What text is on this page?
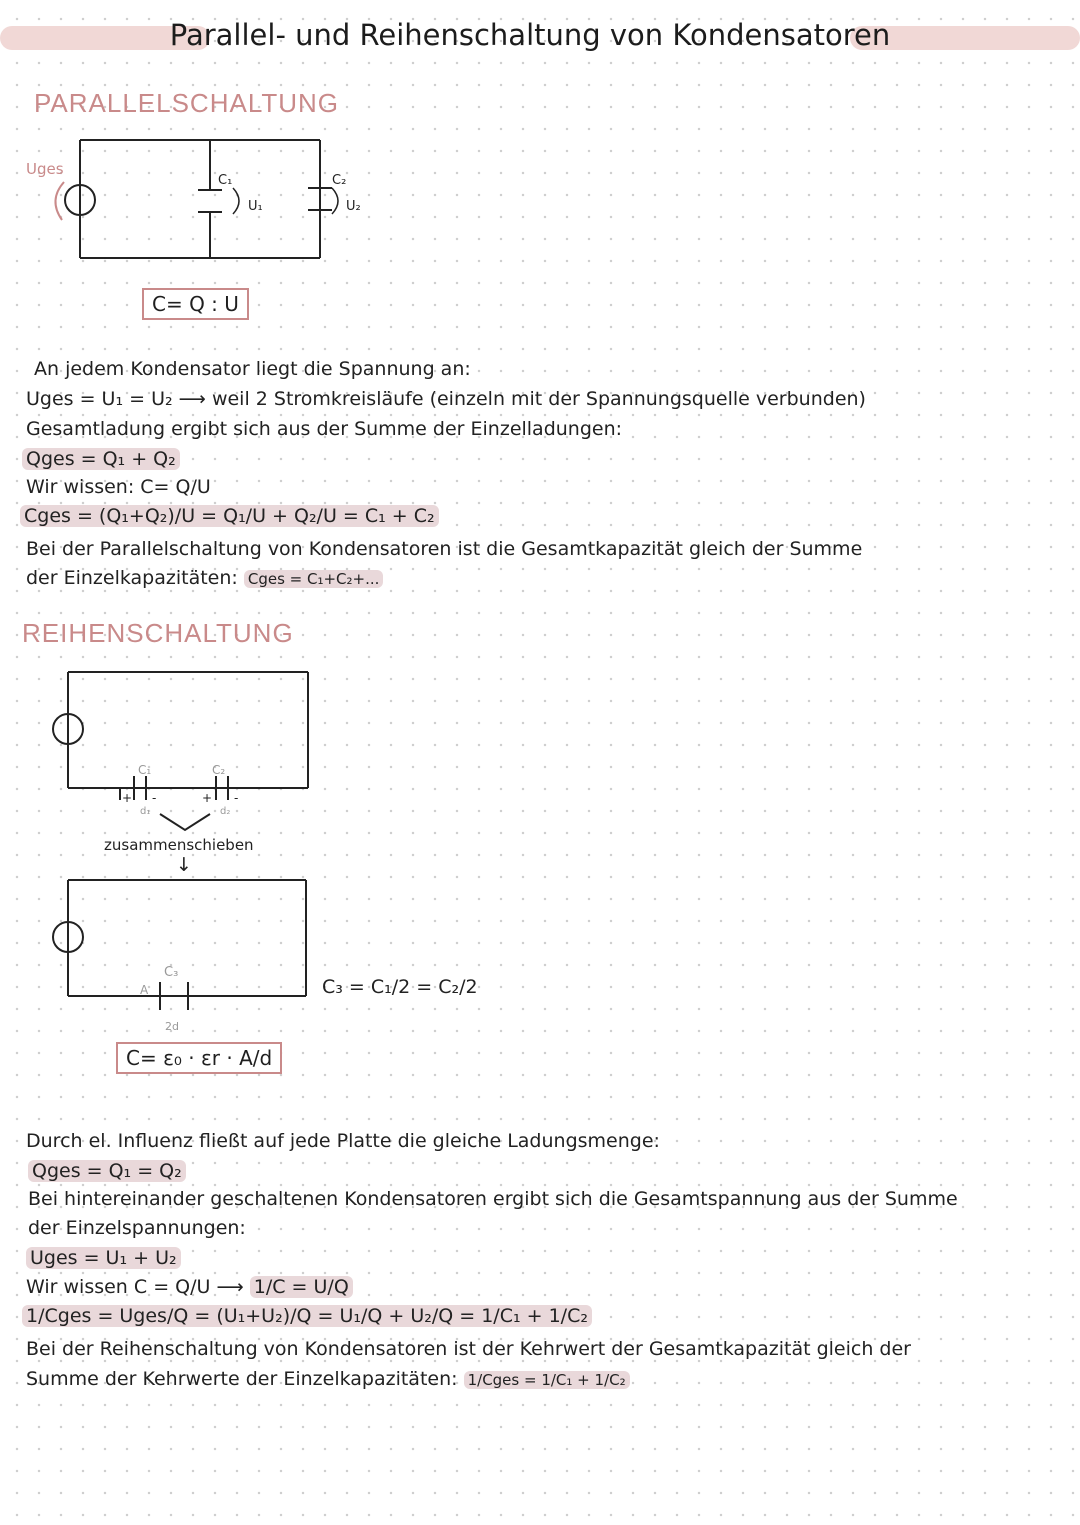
Parallel- und Reihenschaltung von Kondensatoren
PARALLELSCHALTUNG
Uges
C₁
U₁
C₂
U₂
C= Q : U
An jedem Kondensator liegt die Spannung an:
Uges = U₁ = U₂ ⟶ weil 2 Stromkreisläufe (einzeln mit der Spannungsquelle verbunden)
Gesamtladung ergibt sich aus der Summe der Einzelladungen:
Qges = Q₁ + Q₂
Wir wissen: C= Q/U
Cges = (Q₁+Q₂)/U = Q₁/U + Q₂/U = C₁ + C₂
Bei der Parallelschaltung von Kondensatoren ist die Gesamtkapazität gleich der Summe
der Einzelkapazitäten: Cges = C₁+C₂+...
REIHENSCHALTUNG
C₁	C₂
d₁	d₂
+ -	+ -
zusammenschieben
↓
C₃
A
2d
C₃ = C₁/2 = C₂/2
C= ε₀ · εr · A/d
Durch el. Influenz fließt auf jede Platte die gleiche Ladungsmenge:
Qges = Q₁ = Q₂
Bei hintereinander geschaltenen Kondensatoren ergibt sich die Gesamtspannung aus der Summe
der Einzelspannungen:
Uges = U₁ + U₂
Wir wissen C = Q/U ⟶ 1/C = U/Q
1/Cges = Uges/Q = (U₁+U₂)/Q = U₁/Q + U₂/Q = 1/C₁ + 1/C₂
Bei der Reihenschaltung von Kondensatoren ist der Kehrwert der Gesamtkapazität gleich der
Summe der Kehrwerte der Einzelkapazitäten: 1/Cges = 1/C₁ + 1/C₂
